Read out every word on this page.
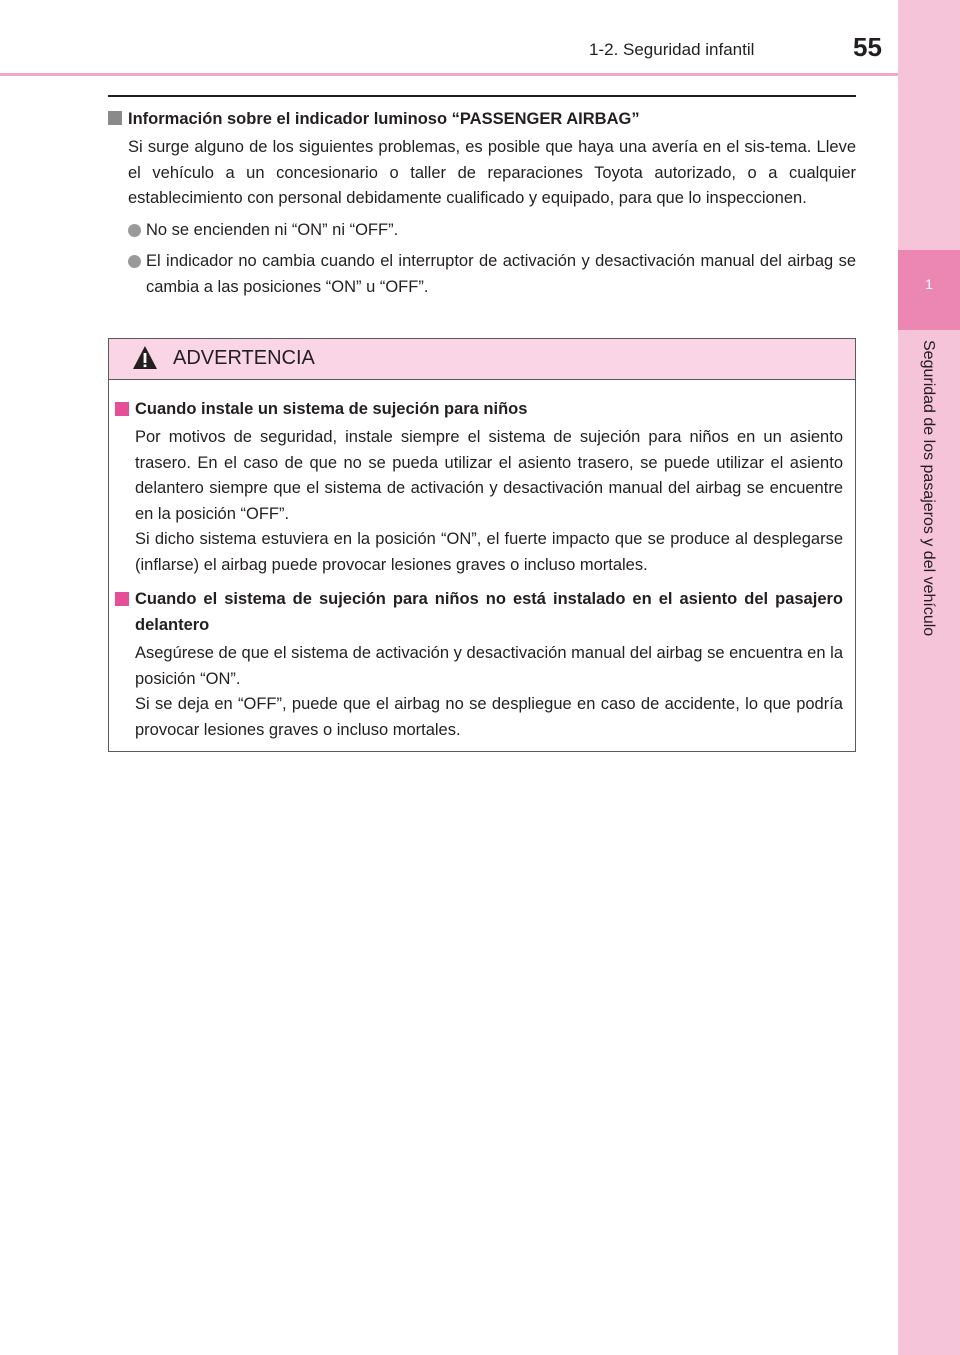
1-2. Seguridad infantil	55
1
Seguridad de los pasajeros y del vehículo
Información sobre el indicador luminoso “PASSENGER AIRBAG”
Si surge alguno de los siguientes problemas, es posible que haya una avería en el sis-tema. Lleve el vehículo a un concesionario o taller de reparaciones Toyota autorizado, o a cualquier establecimiento con personal debidamente cualificado y equipado, para que lo inspeccionen.
No se encienden ni “ON” ni “OFF”.
El indicador no cambia cuando el interruptor de activación y desactivación manual del airbag se cambia a las posiciones “ON” u “OFF”.
ADVERTENCIA
Cuando instale un sistema de sujeción para niños
Por motivos de seguridad, instale siempre el sistema de sujeción para niños en un asiento trasero. En el caso de que no se pueda utilizar el asiento trasero, se puede utilizar el asiento delantero siempre que el sistema de activación y desactivación manual del airbag se encuentre en la posición “OFF”.
Si dicho sistema estuviera en la posición “ON”, el fuerte impacto que se produce al desplegarse (inflarse) el airbag puede provocar lesiones graves o incluso mortales.
Cuando el sistema de sujeción para niños no está instalado en el asiento del pasajero delantero
Asegúrese de que el sistema de activación y desactivación manual del airbag se encuentra en la posición “ON”.
Si se deja en “OFF”, puede que el airbag no se despliegue en caso de accidente, lo que podría provocar lesiones graves o incluso mortales.
